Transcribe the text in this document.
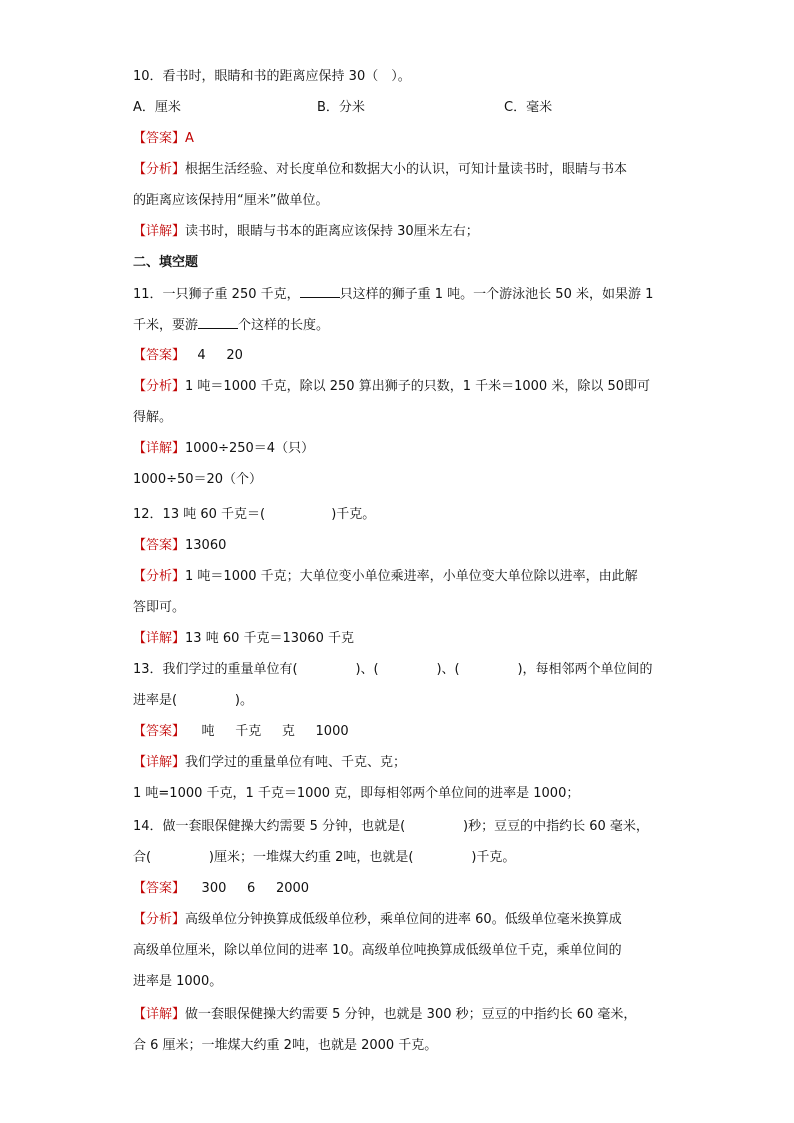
10．看书时，眼睛和书的距离应保持 30（　）。
A．厘米	B．分米	C．毫米
【答案】A
【分析】根据生活经验、对长度单位和数据大小的认识，可知计量读书时，眼睛与书本
的距离应该保持用“厘米”做单位。
【详解】读书时，眼睛与书本的距离应该保持 30厘米左右；
二、填空题
11．一只狮子重 250 千克，	只这样的狮子重 1 吨。一个游泳池长 50 米，如果游 1
千米，要游	个这样的长度。
【答案】   4     20
【分析】1 吨＝1000 千克，除以 250 算出狮子的只数，1 千米＝1000 米，除以 50即可
得解。
【详解】1000÷250＝4（只）
1000÷50＝20（个）
12．13 吨 60 千克＝(                )千克。
【答案】13060
【分析】1 吨＝1000 千克；大单位变小单位乘进率，小单位变大单位除以进率，由此解
答即可。
【详解】13 吨 60 千克＝13060 千克
13．我们学过的重量单位有(              )、(              )、(              )，每相邻两个单位间的
进率是(              )。
【答案】    吨     千克     克     1000
【详解】我们学过的重量单位有吨、千克、克；
1 吨=1000 千克，1 千克＝1000 克，即每相邻两个单位间的进率是 1000；
14．做一套眼保健操大约需要 5 分钟，也就是(              )秒；豆豆的中指约长 60 毫米，
合(              )厘米；一堆煤大约重 2吨，也就是(              )千克。
【答案】    300     6     2000
【分析】高级单位分钟换算成低级单位秒，乘单位间的进率 60。低级单位毫米换算成
高级单位厘米，除以单位间的进率 10。高级单位吨换算成低级单位千克，乘单位间的
进率是 1000。
【详解】做一套眼保健操大约需要 5 分钟，也就是 300 秒；豆豆的中指约长 60 毫米，
合 6 厘米；一堆煤大约重 2吨，也就是 2000 千克。
